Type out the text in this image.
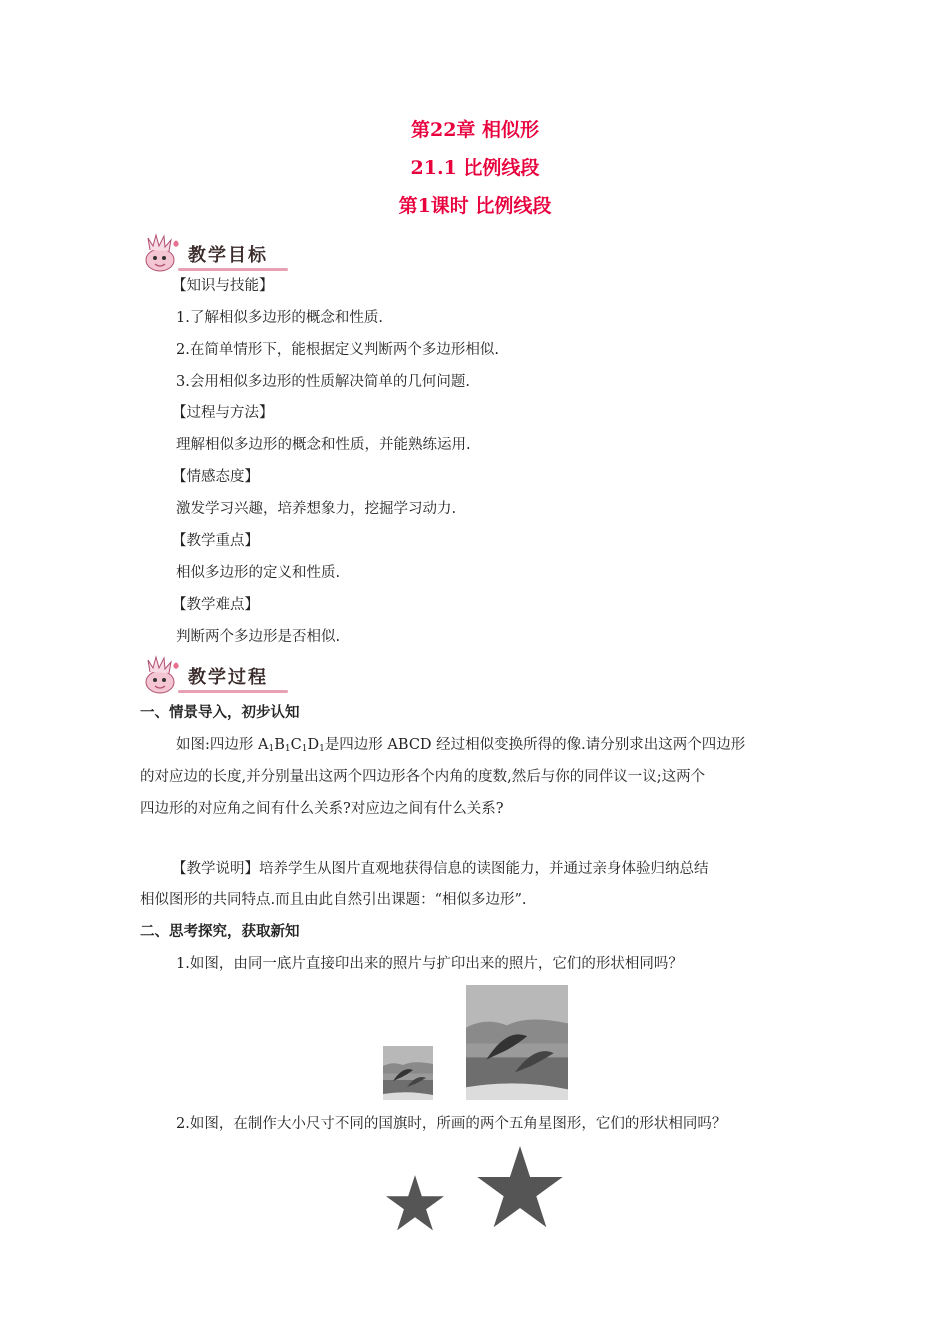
第22章 相似形
21.1 比例线段
第1课时 比例线段
教学目标
【知识与技能】
1.了解相似多边形的概念和性质.
2.在简单情形下，能根据定义判断两个多边形相似.
3.会用相似多边形的性质解决简单的几何问题.
【过程与方法】
理解相似多边形的概念和性质，并能熟练运用.
【情感态度】
激发学习兴趣，培养想象力，挖掘学习动力.
【教学重点】
相似多边形的定义和性质.
【教学难点】
判断两个多边形是否相似.
教学过程
一、情景导入，初步认知
如图:四边形 $A_1B_1C_1D_1$是四边形 ABCD 经过相似变换所得的像.请分别求出这两个四边形
的对应边的长度,并分别量出这两个四边形各个内角的度数,然后与你的同伴议一议;这两个
四边形的对应角之间有什么关系?对应边之间有什么关系?
【教学说明】培养学生从图片直观地获得信息的读图能力，并通过亲身体验归纳总结
相似图形的共同特点.而且由此自然引出课题：“相似多边形”.
二、思考探究，获取新知
1.如图，由同一底片直接印出来的照片与扩印出来的照片，它们的形状相同吗？
2.如图，在制作大小尺寸不同的国旗时，所画的两个五角星图形，它们的形状相同吗？
